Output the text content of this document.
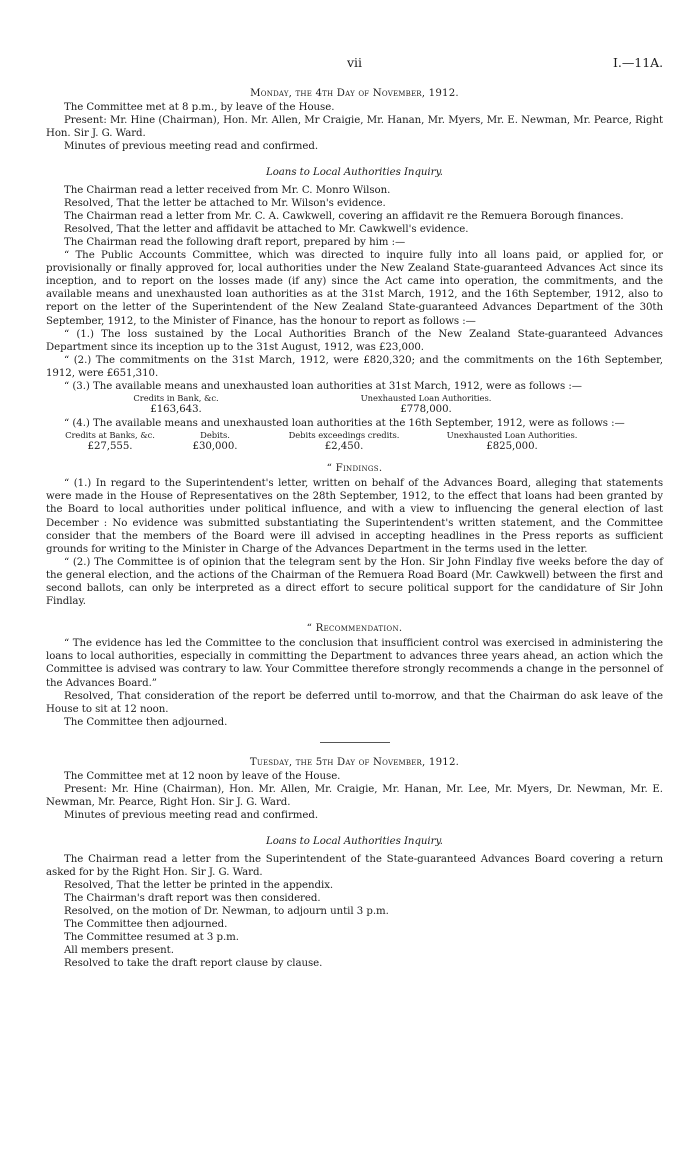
vii	I.—11A.
Monday, the 4th Day of November, 1912.

The Committee met at 8 p.m., by leave of the House.

Present: Mr. Hine (Chairman), Hon. Mr. Allen, Mr Craigie, Mr. Hanan, Mr. Myers, Mr. E. Newman, Mr. Pearce, Right Hon. Sir J. G. Ward.

Minutes of previous meeting read and confirmed.

Loans to Local Authorities Inquiry.

The Chairman read a letter received from Mr. C. Monro Wilson.

Resolved, That the letter be attached to Mr. Wilson's evidence.

The Chairman read a letter from Mr. C. A. Cawkwell, covering an affidavit re the Remuera Borough finances.

Resolved, That the letter and affidavit be attached to Mr. Cawkwell's evidence.

The Chairman read the following draft report, prepared by him :—

“ The Public Accounts Committee, which was directed to inquire fully into all loans paid, or applied for, or provisionally or finally approved for, local authorities under the New Zealand State-guaranteed Advances Act since its inception, and to report on the losses made (if any) since the Act came into operation, the commitments, and the available means and unexhausted loan authorities as at the 31st March, 1912, and the 16th September, 1912, also to report on the letter of the Superintendent of the New Zealand State-guaranteed Advances Department of the 30th September, 1912, to the Minister of Finance, has the honour to report as follows :—

“ (1.) The loss sustained by the Local Authorities Branch of the New Zealand State-guaranteed Advances Department since its inception up to the 31st August, 1912, was £23,000.

“ (2.) The commitments on the 31st March, 1912, were £820,320; and the commitments on the 16th September, 1912, were £651,310.

“ (3.) The available means and unexhausted loan authorities at 31st March, 1912, were as follows :—

Credits in Bank, &c.	Unexhausted Loan Authorities.
£163,643.	£778,000.

“ (4.) The available means and unexhausted loan authorities at the 16th September, 1912, were as follows :—

Credits at Banks, &c.	Debits.	Debits exceedings credits.	Unexhausted Loan Authorities.
£27,555.	£30,000.	£2,450.	£825,000.
“ Findings.

“ (1.) In regard to the Superintendent's letter, written on behalf of the Advances Board, alleging that statements were made in the House of Representatives on the 28th September, 1912, to the effect that loans had been granted by the Board to local authorities under political influence, and with a view to influencing the general election of last December : No evidence was submitted substantiating the Superintendent's written statement, and the Committee consider that the members of the Board were ill advised in accepting headlines in the Press reports as sufficient grounds for writing to the Minister in Charge of the Advances Department in the terms used in the letter.

“ (2.) The Committee is of opinion that the telegram sent by the Hon. Sir John Findlay five weeks before the day of the general election, and the actions of the Chairman of the Remuera Road Board (Mr. Cawkwell) between the first and second ballots, can only be interpreted as a direct effort to secure political support for the candidature of Sir John Findlay.

“ Recommendation.

“ The evidence has led the Committee to the conclusion that insufficient control was exercised in administering the loans to local authorities, especially in committing the Department to advances three years ahead, an action which the Committee is advised was contrary to law. Your Committee therefore strongly recommends a change in the personnel of the Advances Board.”

Resolved, That consideration of the report be deferred until to-morrow, and that the Chairman do ask leave of the House to sit at 12 noon.

The Committee then adjourned.

Tuesday, the 5th Day of November, 1912.

The Committee met at 12 noon by leave of the House.

Present: Mr. Hine (Chairman), Hon. Mr. Allen, Mr. Craigie, Mr. Hanan, Mr. Lee, Mr. Myers, Dr. Newman, Mr. E. Newman, Mr. Pearce, Right Hon. Sir J. G. Ward.

Minutes of previous meeting read and confirmed.

Loans to Local Authorities Inquiry.

The Chairman read a letter from the Superintendent of the State-guaranteed Advances Board covering a return asked for by the Right Hon. Sir J. G. Ward.

Resolved, That the letter be printed in the appendix.

The Chairman's draft report was then considered.

Resolved, on the motion of Dr. Newman, to adjourn until 3 p.m.

The Committee then adjourned.

The Committee resumed at 3 p.m.

All members present.

Resolved to take the draft report clause by clause.
